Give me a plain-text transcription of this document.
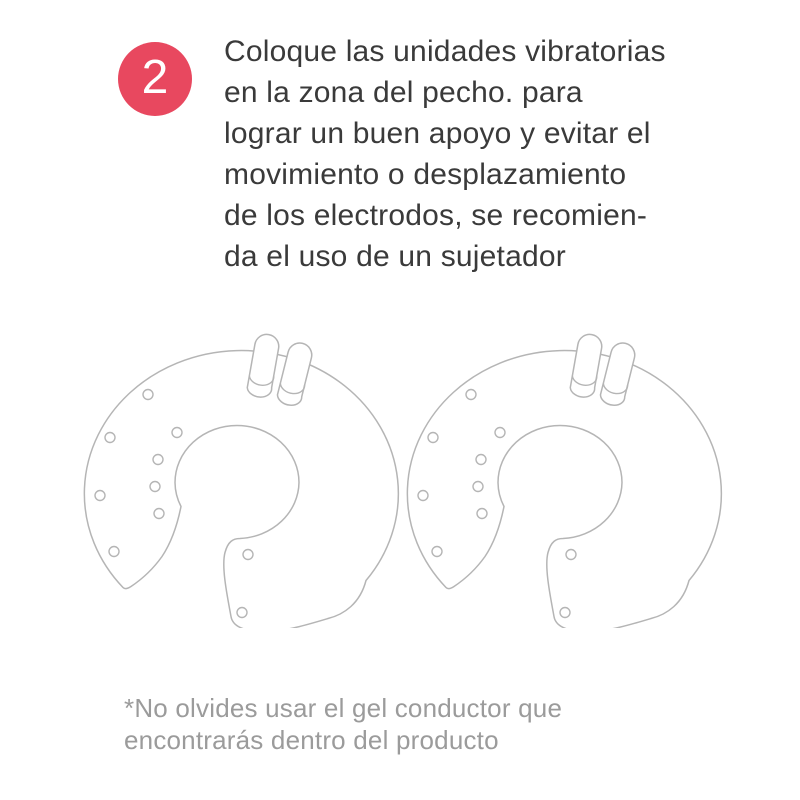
2 Coloque las unidades vibratorias
en la zona del pecho. para
lograr un buen apoyo y evitar el
movimiento o desplazamiento
de los electrodos, se recomien-
da el uso de un sujetador
*No olvides usar el gel conductor que
encontrarás dentro del producto
